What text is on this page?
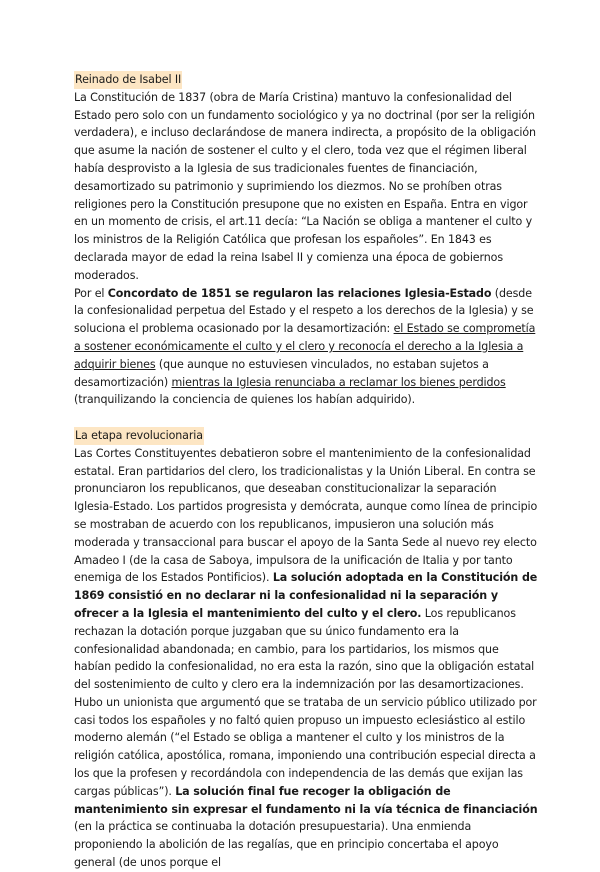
Reinado de Isabel II

La Constitución de 1837 (obra de María Cristina) mantuvo la confesionalidad del Estado pero solo con un fundamento sociológico y ya no doctrinal (por ser la religión verdadera), e incluso declarándose de manera indirecta, a propósito de la obligación que asume la nación de sostener el culto y el clero, toda vez que el régimen liberal había desprovisto a la Iglesia de sus tradicionales fuentes de financiación, desamortizado su patrimonio y suprimiendo los diezmos. No se prohíben otras religiones pero la Constitución presupone que no existen en España. Entra en vigor en un momento de crisis, el art.11 decía: “La Nación se obliga a mantener el culto y los ministros de la Religión Católica que profesan los españoles”. En 1843 es declarada mayor de edad la reina Isabel II y comienza una época de gobiernos moderados.

Por el Concordato de 1851 se regularon las relaciones Iglesia-Estado (desde la confesionalidad perpetua del Estado y el respeto a los derechos de la Iglesia) y se soluciona el problema ocasionado por la desamortización: el Estado se comprometía a sostener económicamente el culto y el clero y reconocía el derecho a la Iglesia a adquirir bienes (que aunque no estuviesen vinculados, no estaban sujetos a desamortización) mientras la Iglesia renunciaba a reclamar los bienes perdidos (tranquilizando la conciencia de quienes los habían adquirido).

La etapa revolucionaria

Las Cortes Constituyentes debatieron sobre el mantenimiento de la confesionalidad estatal. Eran partidarios del clero, los tradicionalistas y la Unión Liberal. En contra se pronunciaron los republicanos, que deseaban constitucionalizar la separación Iglesia-Estado. Los partidos progresista y demócrata, aunque como línea de principio se mostraban de acuerdo con los republicanos, impusieron una solución más moderada y transaccional para buscar el apoyo de la Santa Sede al nuevo rey electo Amadeo I (de la casa de Saboya, impulsora de la unificación de Italia y por tanto enemiga de los Estados Pontificios). La solución adoptada en la Constitución de 1869 consistió en no declarar ni la confesionalidad ni la separación y ofrecer a la Iglesia el mantenimiento del culto y el clero. Los republicanos rechazan la dotación porque juzgaban que su único fundamento era la confesionalidad abandonada; en cambio, para los partidarios, los mismos que habían pedido la confesionalidad, no era esta la razón, sino que la obligación estatal del sostenimiento de culto y clero era la indemnización por las desamortizaciones. Hubo un unionista que argumentó que se trataba de un servicio público utilizado por casi todos los españoles y no faltó quien propuso un impuesto eclesiástico al estilo moderno alemán (“el Estado se obliga a mantener el culto y los ministros de la religión católica, apostólica, romana, imponiendo una contribución especial directa a los que la profesen y recordándola con independencia de las demás que exijan las cargas públicas”). La solución final fue recoger la obligación de mantenimiento sin expresar el fundamento ni la vía técnica de financiación (en la práctica se continuaba la dotación presupuestaria). Una enmienda proponiendo la abolición de las regalías, que en principio concertaba el apoyo general (de unos porque el
